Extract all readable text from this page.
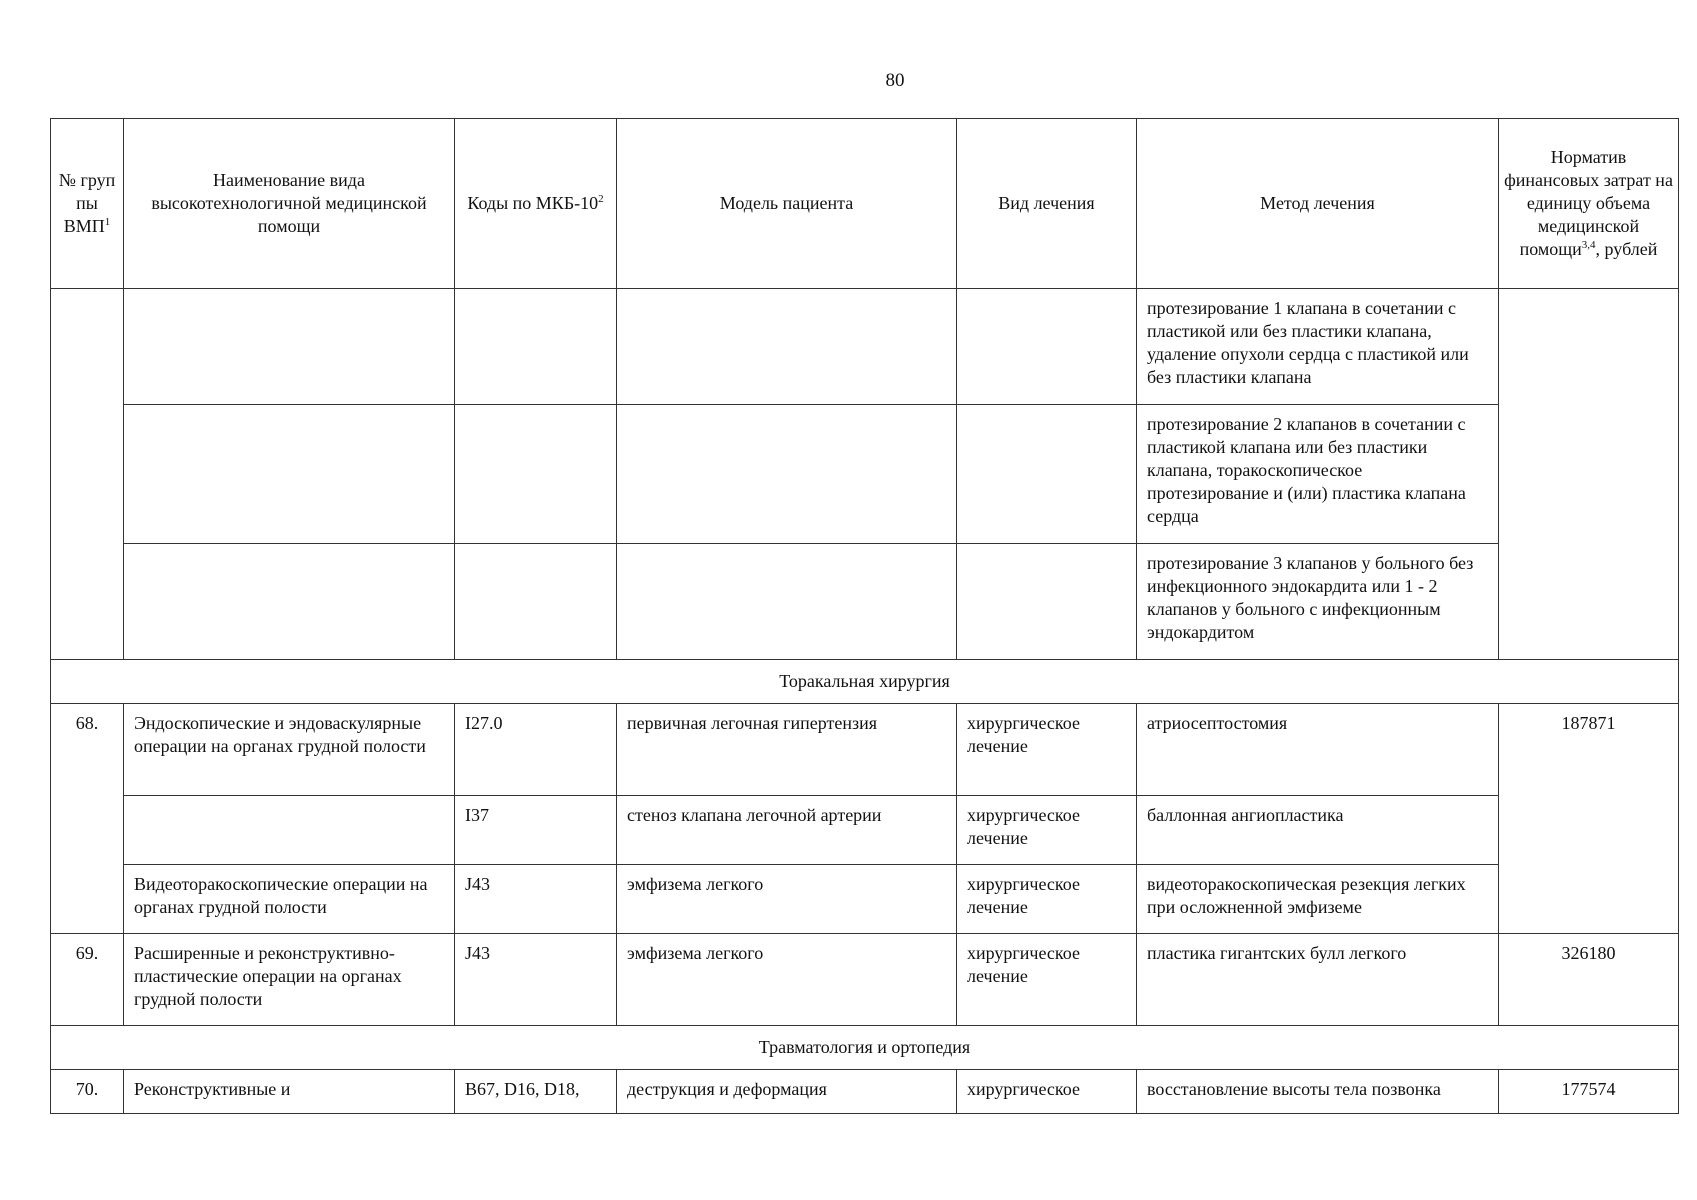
80
№ груп пы ВМП$^1$	Наименование вида высокотехнологичной медицинской помощи	Коды по МКБ-$10^2$	Модель пациента	Вид лечения	Метод лечения	Норматив финансовых затрат на единицу объема медицинской помощи$^{3,4}$, рублей
					протезирование 1 клапана в сочетании с пластикой или без пластики клапана, удаление опухоли сердца с пластикой или без пластики клапана	
					протезирование 2 клапанов в сочетании с пластикой клапана или без пластики клапана, торакоскопическое протезирование и (или) пластика клапана сердца	
					протезирование 3 клапанов у больного без инфекционного эндокардита или 1 - 2 клапанов у больного с инфекционным эндокардитом	
Торакальная хирургия						
68.	Эндоскопические и эндоваскулярные операции на органах грудной полости	I27.0	первичная легочная гипертензия	хирургическое лечение	атриосептостомия	187871
		I37	стеноз клапана легочной артерии	хирургическое лечение	баллонная ангиопластика	
	Видеоторакоскопические операции на органах грудной полости	J43	эмфизема легкого	хирургическое лечение	видеоторакоскопическая резекция легких при осложненной эмфиземе	
69.	Расширенные и реконструктивно-пластические операции на органах грудной полости	J43	эмфизема легкого	хирургическое лечение	пластика гигантских булл легкого	326180
Травматология и ортопедия						
70.	Реконструктивные и	B67, D16, D18,	деструкция и деформация	хирургическое	восстановление высоты тела позвонка	177574
